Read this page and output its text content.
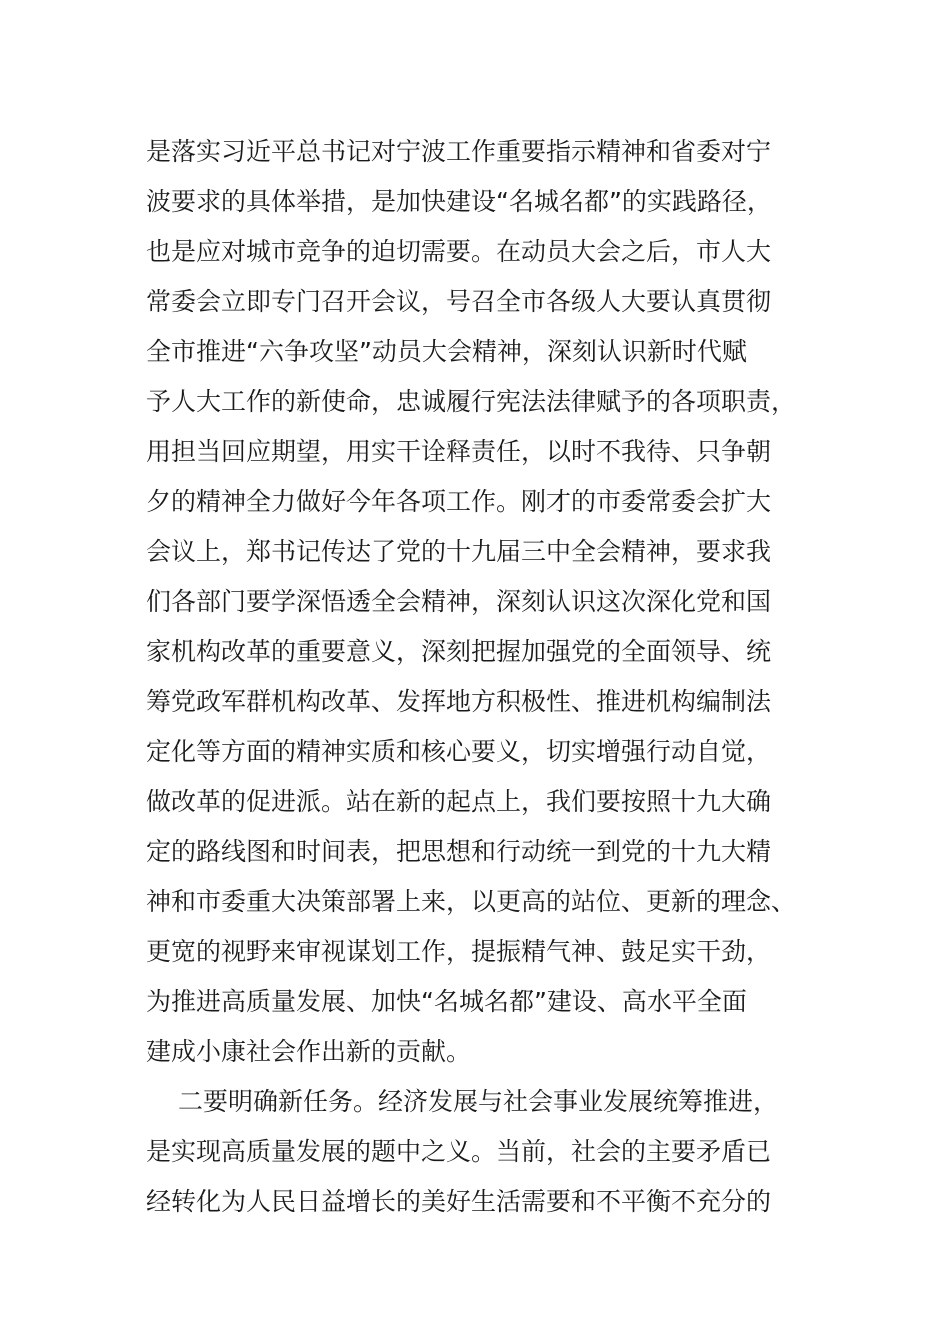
是落实习近平总书记对宁波工作重要指示精神和省委对宁
波要求的具体举措，是加快建设“名城名都”的实践路径，
也是应对城市竞争的迫切需要。在动员大会之后，市人大
常委会立即专门召开会议，号召全市各级人大要认真贯彻
全市推进“六争攻坚”动员大会精神，深刻认识新时代赋
予人大工作的新使命，忠诚履行宪法法律赋予的各项职责，
用担当回应期望，用实干诠释责任，以时不我待、只争朝
夕的精神全力做好今年各项工作。刚才的市委常委会扩大
会议上，郑书记传达了党的十九届三中全会精神，要求我
们各部门要学深悟透全会精神，深刻认识这次深化党和国
家机构改革的重要意义，深刻把握加强党的全面领导、统
筹党政军群机构改革、发挥地方积极性、推进机构编制法
定化等方面的精神实质和核心要义，切实增强行动自觉，
做改革的促进派。站在新的起点上，我们要按照十九大确
定的路线图和时间表，把思想和行动统一到党的十九大精
神和市委重大决策部署上来，以更高的站位、更新的理念、
更宽的视野来审视谋划工作，提振精气神、鼓足实干劲，
为推进高质量发展、加快“名城名都”建设、高水平全面
建成小康社会作出新的贡献。
二要明确新任务。经济发展与社会事业发展统筹推进，
是实现高质量发展的题中之义。当前，社会的主要矛盾已
经转化为人民日益增长的美好生活需要和不平衡不充分的
